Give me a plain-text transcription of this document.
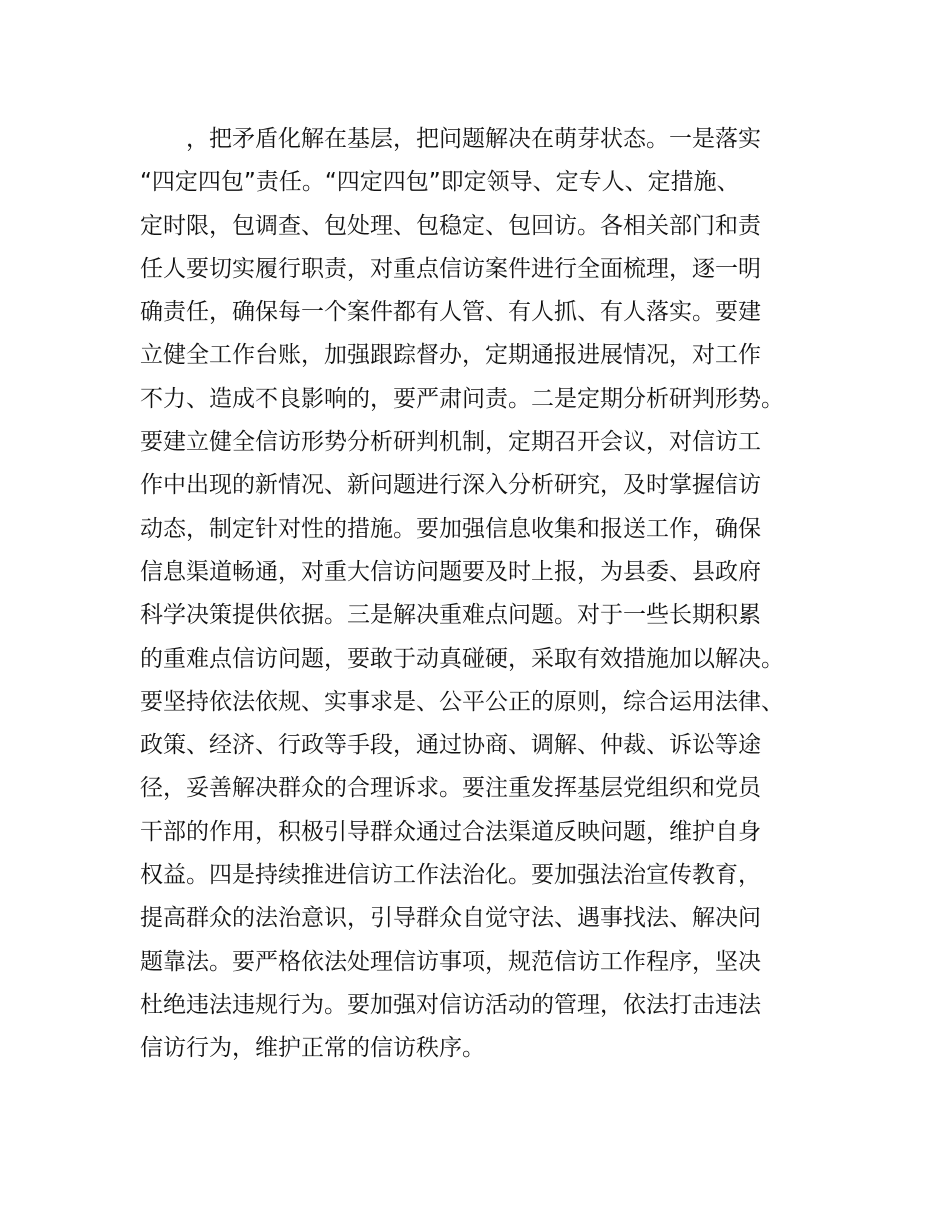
，把矛盾化解在基层，把问题解决在萌芽状态。一是落实
“四定四包”责任。“四定四包”即定领导、定专人、定措施、
定时限，包调查、包处理、包稳定、包回访。各相关部门和责
任人要切实履行职责，对重点信访案件进行全面梳理，逐一明
确责任，确保每一个案件都有人管、有人抓、有人落实。要建
立健全工作台账，加强跟踪督办，定期通报进展情况，对工作
不力、造成不良影响的，要严肃问责。二是定期分析研判形势。
要建立健全信访形势分析研判机制，定期召开会议，对信访工
作中出现的新情况、新问题进行深入分析研究，及时掌握信访
动态，制定针对性的措施。要加强信息收集和报送工作，确保
信息渠道畅通，对重大信访问题要及时上报，为县委、县政府
科学决策提供依据。三是解决重难点问题。对于一些长期积累
的重难点信访问题，要敢于动真碰硬，采取有效措施加以解决。
要坚持依法依规、实事求是、公平公正的原则，综合运用法律、
政策、经济、行政等手段，通过协商、调解、仲裁、诉讼等途
径，妥善解决群众的合理诉求。要注重发挥基层党组织和党员
干部的作用，积极引导群众通过合法渠道反映问题，维护自身
权益。四是持续推进信访工作法治化。要加强法治宣传教育，
提高群众的法治意识，引导群众自觉守法、遇事找法、解决问
题靠法。要严格依法处理信访事项，规范信访工作程序，坚决
杜绝违法违规行为。要加强对信访活动的管理，依法打击违法
信访行为，维护正常的信访秩序。
